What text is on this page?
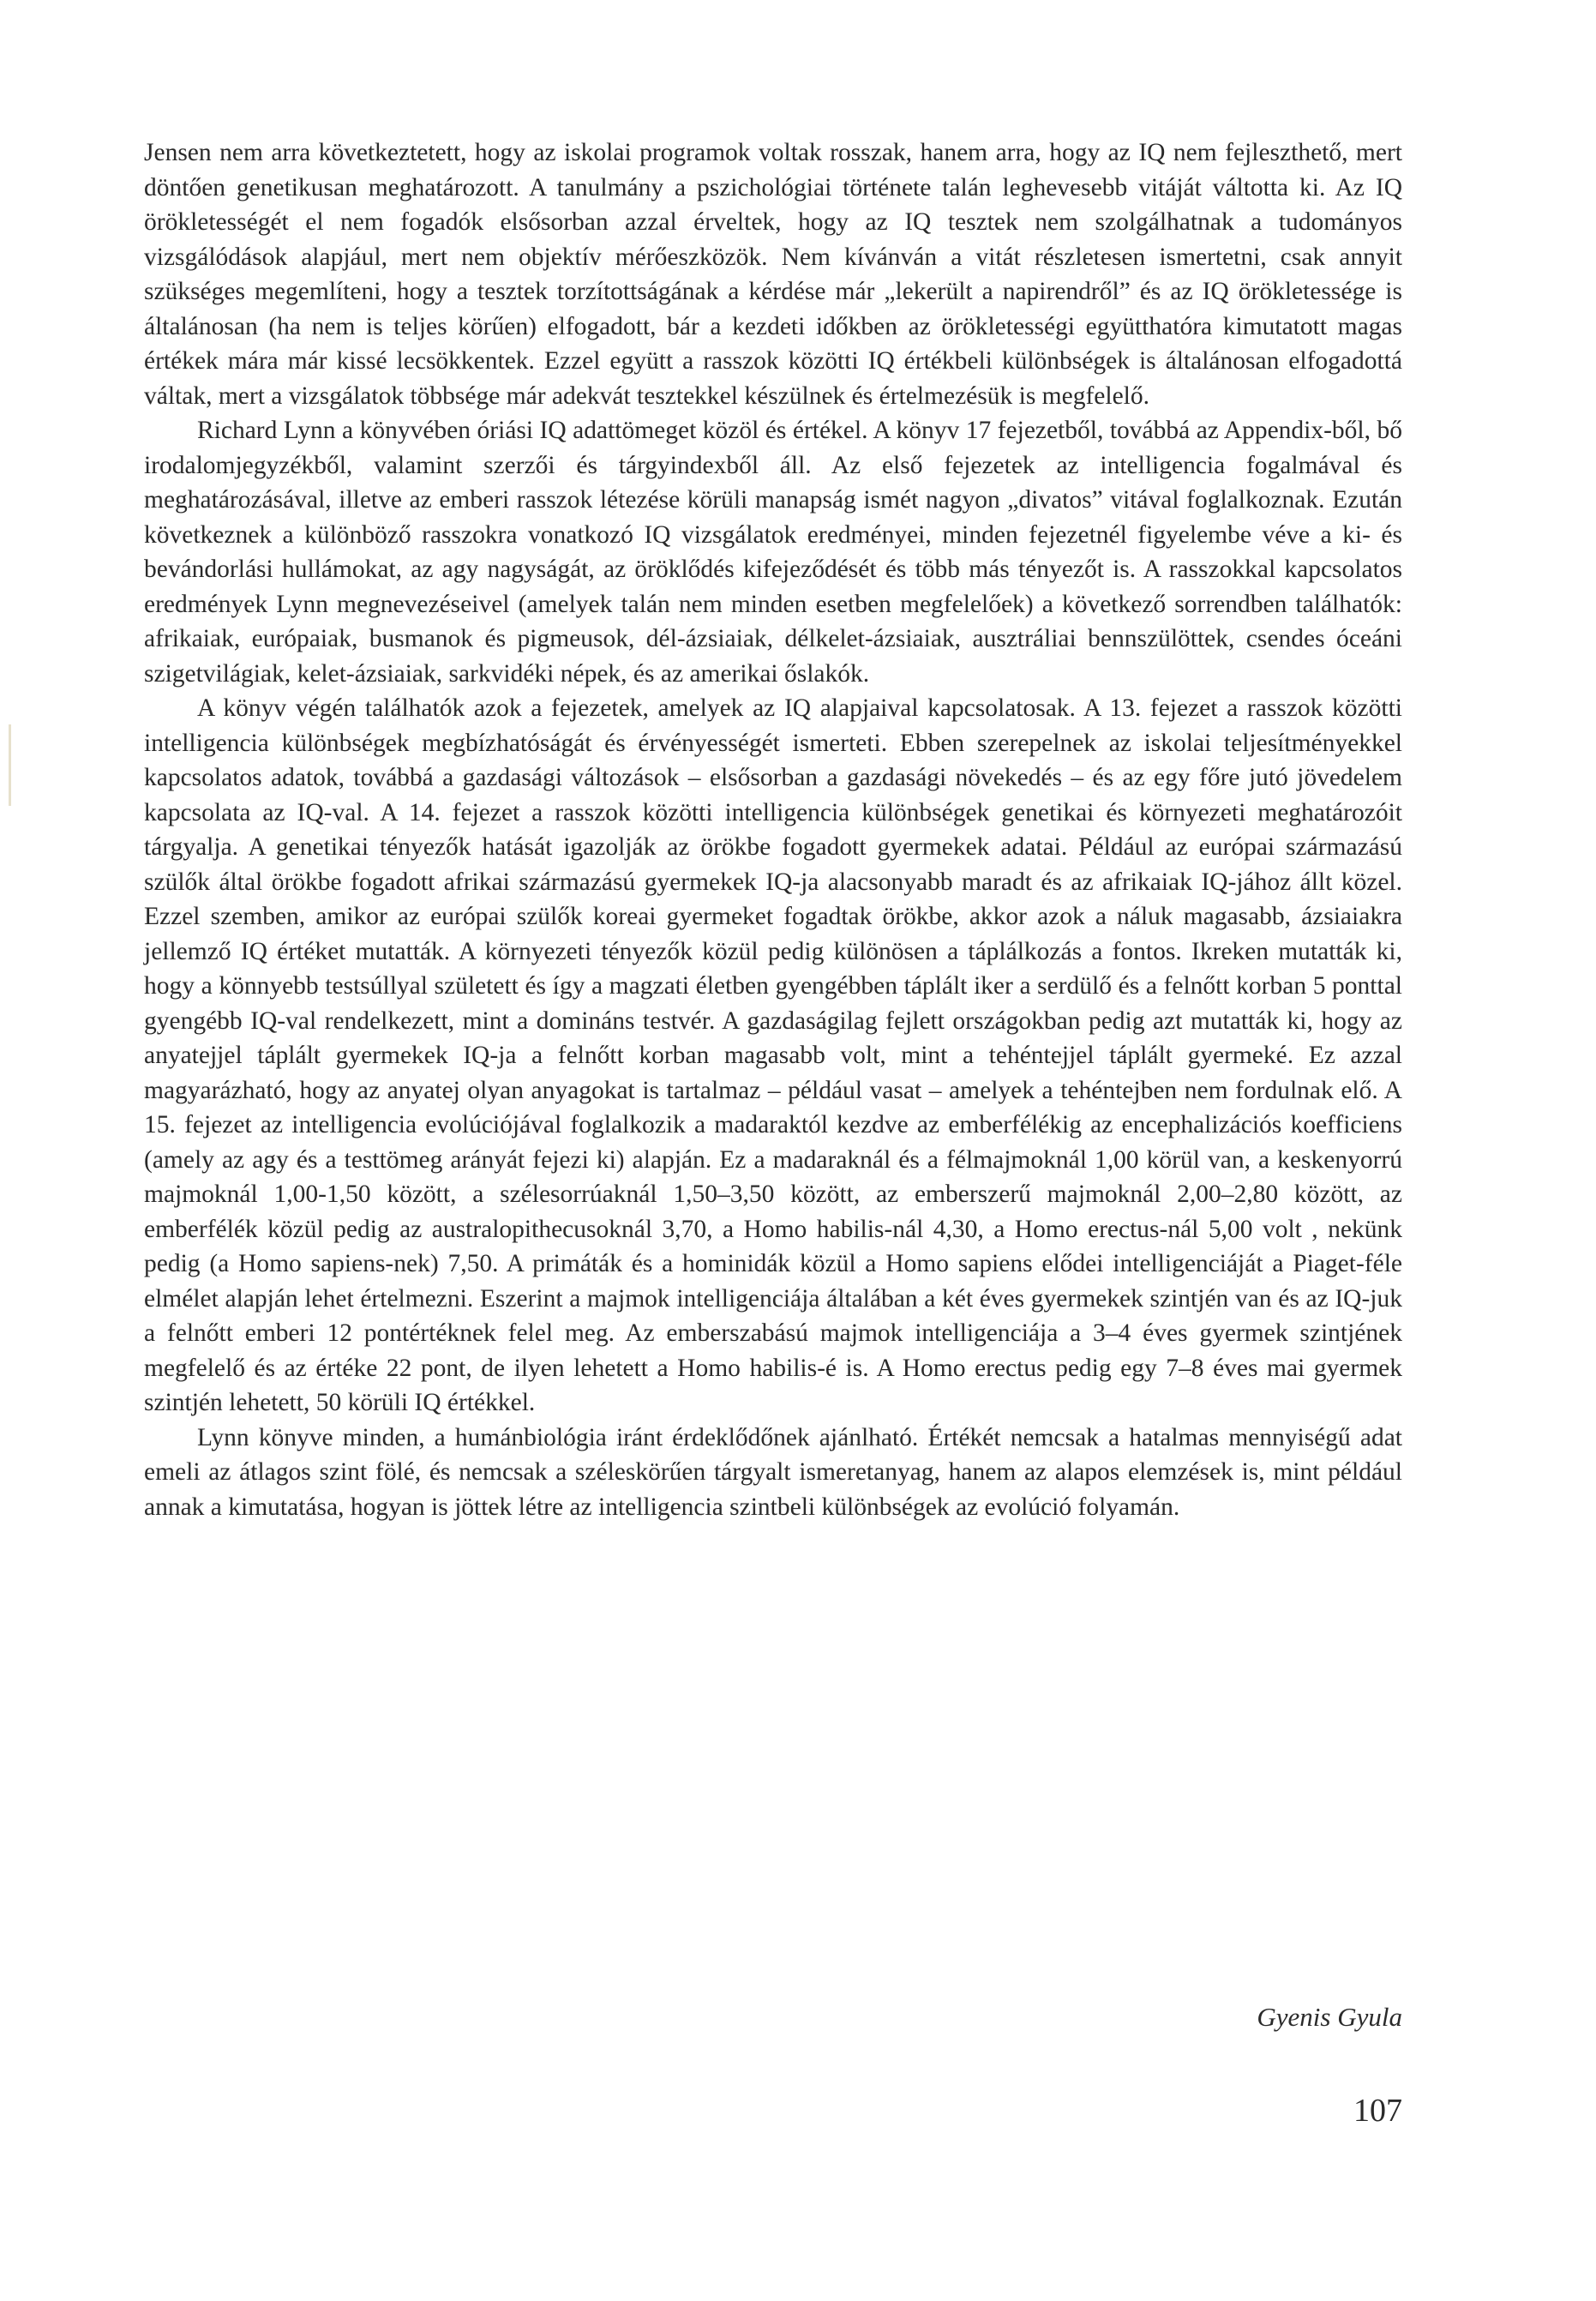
Jensen nem arra következtetett, hogy az iskolai programok voltak rosszak, hanem arra, hogy az IQ nem fejleszthető, mert döntően genetikusan meghatározott. A tanulmány a pszichológiai története talán leghevesebb vitáját váltotta ki. Az IQ örökletességét el nem fogadók elsősorban azzal érveltek, hogy az IQ tesztek nem szolgálhatnak a tudományos vizsgálódások alapjául, mert nem objektív mérőeszközök. Nem kívánván a vitát részletesen ismertetni, csak annyit szükséges megemlíteni, hogy a tesztek torzítottságának a kérdése már „lekerült a napirendről” és az IQ örökletessége is általánosan (ha nem is teljes körűen) elfogadott, bár a kezdeti időkben az örökletességi együtthatóra kimutatott magas értékek mára már kissé lecsökkentek. Ezzel együtt a rasszok közötti IQ értékbeli különbségek is általánosan elfogadottá váltak, mert a vizsgálatok többsége már adekvát tesztekkel készülnek és értelmezésük is megfelelő.

Richard Lynn a könyvében óriási IQ adattömeget közöl és értékel. A könyv 17 fejezetből, továbbá az Appendix-ből, bő irodalomjegyzékből, valamint szerzői és tárgyindexből áll. Az első fejezetek az intelligencia fogalmával és meghatározásával, illetve az emberi rasszok létezése körüli manapság ismét nagyon „divatos” vitával foglalkoznak. Ezután következnek a különböző rasszokra vonatkozó IQ vizsgálatok eredményei, minden fejezetnél figyelembe véve a ki- és bevándorlási hullámokat, az agy nagyságát, az öröklődés kifejeződését és több más tényezőt is. A rasszokkal kapcsolatos eredmények Lynn megnevezéseivel (amelyek talán nem minden esetben megfelelőek) a következő sorrendben találhatók: afrikaiak, európaiak, busmanok és pigmeusok, dél-ázsiaiak, délkelet-ázsiaiak, ausztráliai bennszülöttek, csendes óceáni szigetvilágiak, kelet-ázsiaiak, sarkvidéki népek, és az amerikai őslakók.

A könyv végén találhatók azok a fejezetek, amelyek az IQ alapjaival kapcsolatosak. A 13. fejezet a rasszok közötti intelligencia különbségek megbízhatóságát és érvényességét ismerteti. Ebben szerepelnek az iskolai teljesítményekkel kapcsolatos adatok, továbbá a gazdasági változások – elsősorban a gazdasági növekedés – és az egy főre jutó jövedelem kapcsolata az IQ-val. A 14. fejezet a rasszok közötti intelligencia különbségek genetikai és környezeti meghatározóit tárgyalja. A genetikai tényezők hatását igazolják az örökbe fogadott gyermekek adatai. Például az európai származású szülők által örökbe fogadott afrikai származású gyermekek IQ-ja alacsonyabb maradt és az afrikaiak IQ-jához állt közel. Ezzel szemben, amikor az európai szülők koreai gyermeket fogadtak örökbe, akkor azok a náluk magasabb, ázsiaiakra jellemző IQ értéket mutatták. A környezeti tényezők közül pedig különösen a táplálkozás a fontos. Ikreken mutatták ki, hogy a könnyebb testsúllyal született és így a magzati életben gyengébben táplált iker a serdülő és a felnőtt korban 5 ponttal gyengébb IQ-val rendelkezett, mint a domináns testvér. A gazdaságilag fejlett országokban pedig azt mutatták ki, hogy az anyatejjel táplált gyermekek IQ-ja a felnőtt korban magasabb volt, mint a tehéntejjel táplált gyermeké. Ez azzal magyarázható, hogy az anyatej olyan anyagokat is tartalmaz – például vasat – amelyek a tehéntejben nem fordulnak elő. A 15. fejezet az intelligencia evolúciójával foglalkozik a madaraktól kezdve az emberfélékig az encephalizációs koefficiens (amely az agy és a testtömeg arányát fejezi ki) alapján. Ez a madaraknál és a félmajmoknál 1,00 körül van, a keskenyorrú majmoknál 1,00-1,50 között, a szélesorrúaknál 1,50–3,50 között, az emberszerű majmoknál 2,00–2,80 között, az emberfélék közül pedig az australopithecusoknál 3,70, a Homo habilis-nál 4,30, a Homo erectus-nál 5,00 volt , nekünk pedig (a Homo sapiens-nek) 7,50. A primáták és a hominidák közül a Homo sapiens elődei intelligenciáját a Piaget-féle elmélet alapján lehet értelmezni. Eszerint a majmok intelligenciája általában a két éves gyermekek szintjén van és az IQ-juk a felnőtt emberi 12 pontértéknek felel meg. Az emberszabású majmok intelligenciája a 3–4 éves gyermek szintjének megfelelő és az értéke 22 pont, de ilyen lehetett a Homo habilis-é is. A Homo erectus pedig egy 7–8 éves mai gyermek szintjén lehetett, 50 körüli IQ értékkel.

Lynn könyve minden, a humánbiológia iránt érdeklődőnek ajánlható. Értékét nemcsak a hatalmas mennyiségű adat emeli az átlagos szint fölé, és nemcsak a széleskörűen tárgyalt ismeretanyag, hanem az alapos elemzések is, mint például annak a kimutatása, hogyan is jöttek létre az intelligencia szintbeli különbségek az evolúció folyamán.

Gyenis Gyula
107
